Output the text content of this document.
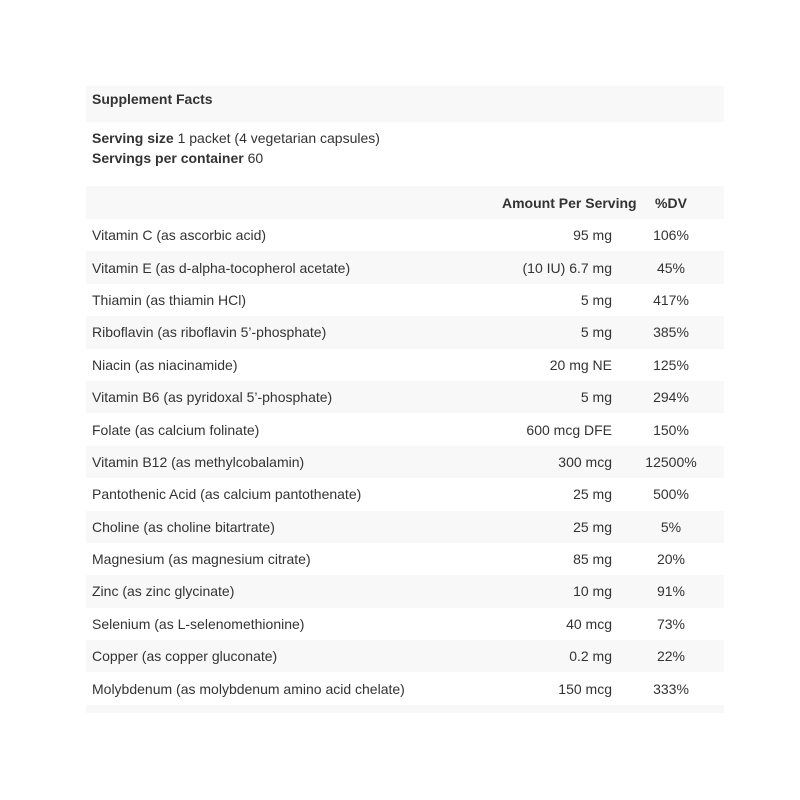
Supplement Facts
Serving size 1 packet (4 vegetarian capsules)
Servings per container 60
	Amount Per Serving	%DV
Vitamin C (as ascorbic acid)	95 mg	106%
Vitamin E (as d-alpha-tocopherol acetate)	(10 IU) 6.7 mg	45%
Thiamin (as thiamin HCl)	5 mg	417%
Riboflavin (as riboflavin 5’-phosphate)	5 mg	385%
Niacin (as niacinamide)	20 mg NE	125%
Vitamin B6 (as pyridoxal 5’-phosphate)	5 mg	294%
Folate (as calcium folinate)	600 mcg DFE	150%
Vitamin B12 (as methylcobalamin)	300 mcg	12500%
Pantothenic Acid (as calcium pantothenate)	25 mg	500%
Choline (as choline bitartrate)	25 mg	5%
Magnesium (as magnesium citrate)	85 mg	20%
Zinc (as zinc glycinate)	10 mg	91%
Selenium (as L-selenomethionine)	40 mcg	73%
Copper (as copper gluconate)	0.2 mg	22%
Molybdenum (as molybdenum amino acid chelate)	150 mcg	333%
